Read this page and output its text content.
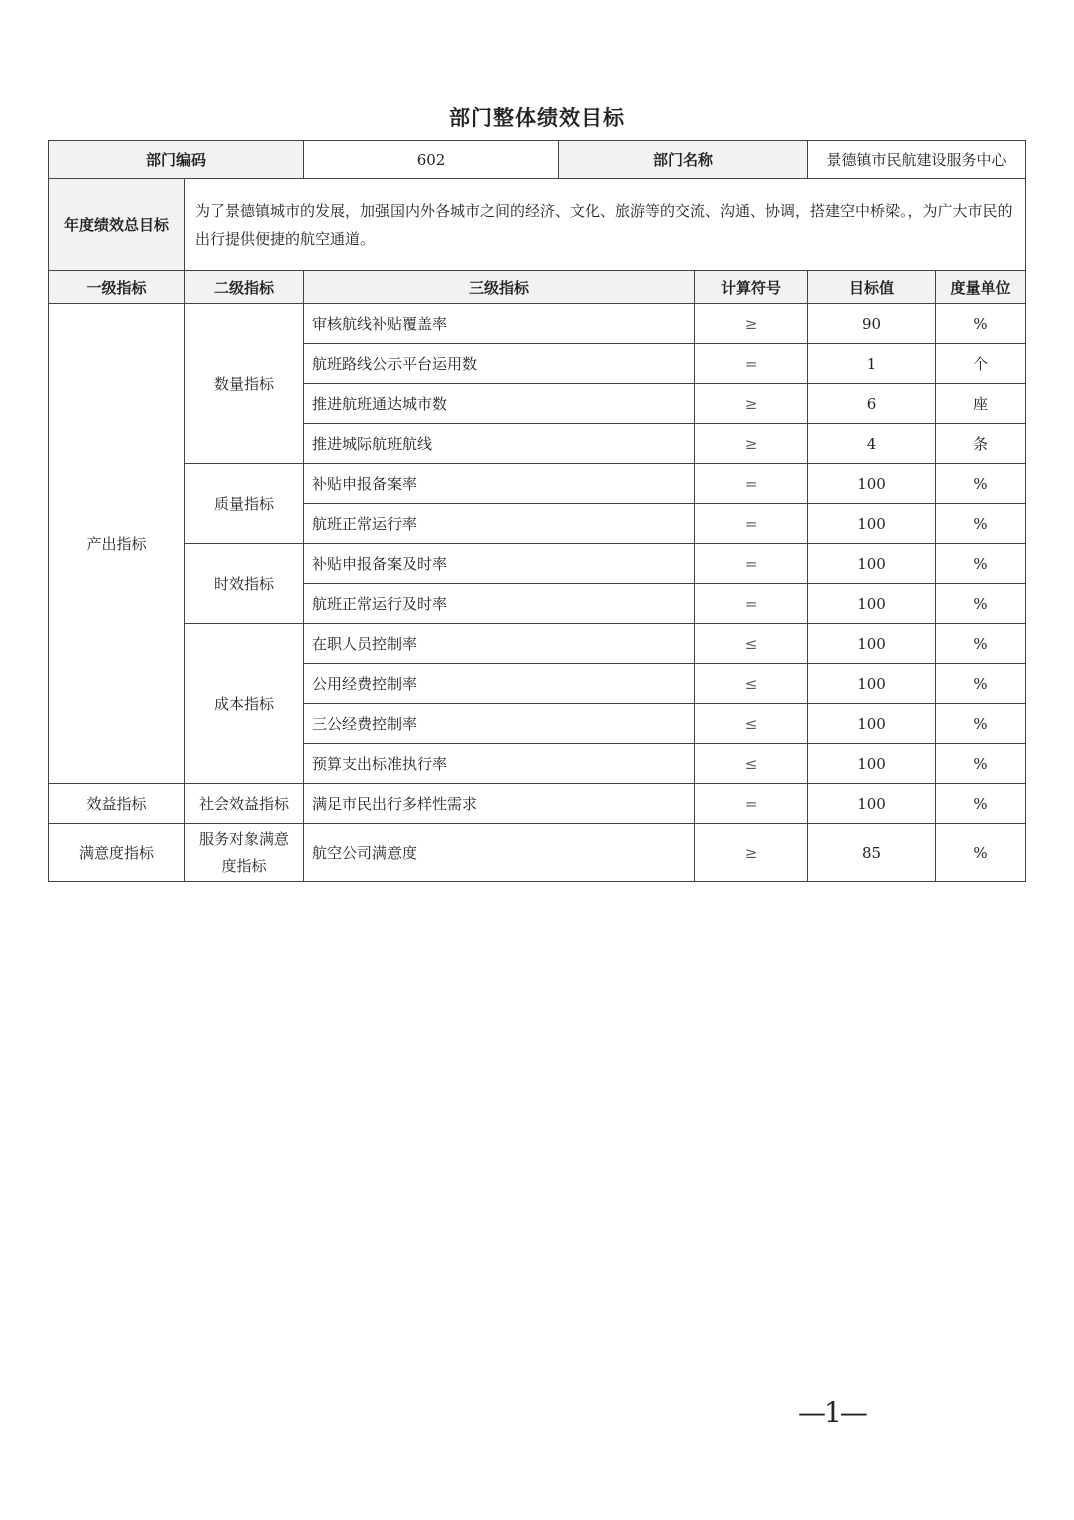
部门整体绩效目标
部门编码		602	部门名称		景德镇市民航建设服务中心	
年度绩效总目标	为了景德镇城市的发展，加强国内外各城市之间的经济、文化、旅游等的交流、沟通、协调，搭建空中桥梁。，为广大市民的出行提供便捷的航空通道。					
一级指标	二级指标	三级指标		计算符号	目标值	度量单位
产出指标	数量指标	审核航线补贴覆盖率		≥	90	%
		航班路线公示平台运用数		=	1	个
		推进航班通达城市数		≥	6	座
		推进城际航班航线		≥	4	条
	质量指标	补贴申报备案率		=	100	%
		航班正常运行率		=	100	%
	时效指标	补贴申报备案及时率		=	100	%
		航班正常运行及时率		=	100	%
	成本指标	在职人员控制率		≤	100	%
		公用经费控制率		≤	100	%
		三公经费控制率		≤	100	%
		预算支出标准执行率		≤	100	%
效益指标	社会效益指标	满足市民出行多样性需求		=	100	%
满意度指标	服务对象满意度指标	航空公司满意度		≥	85	%
—1—
